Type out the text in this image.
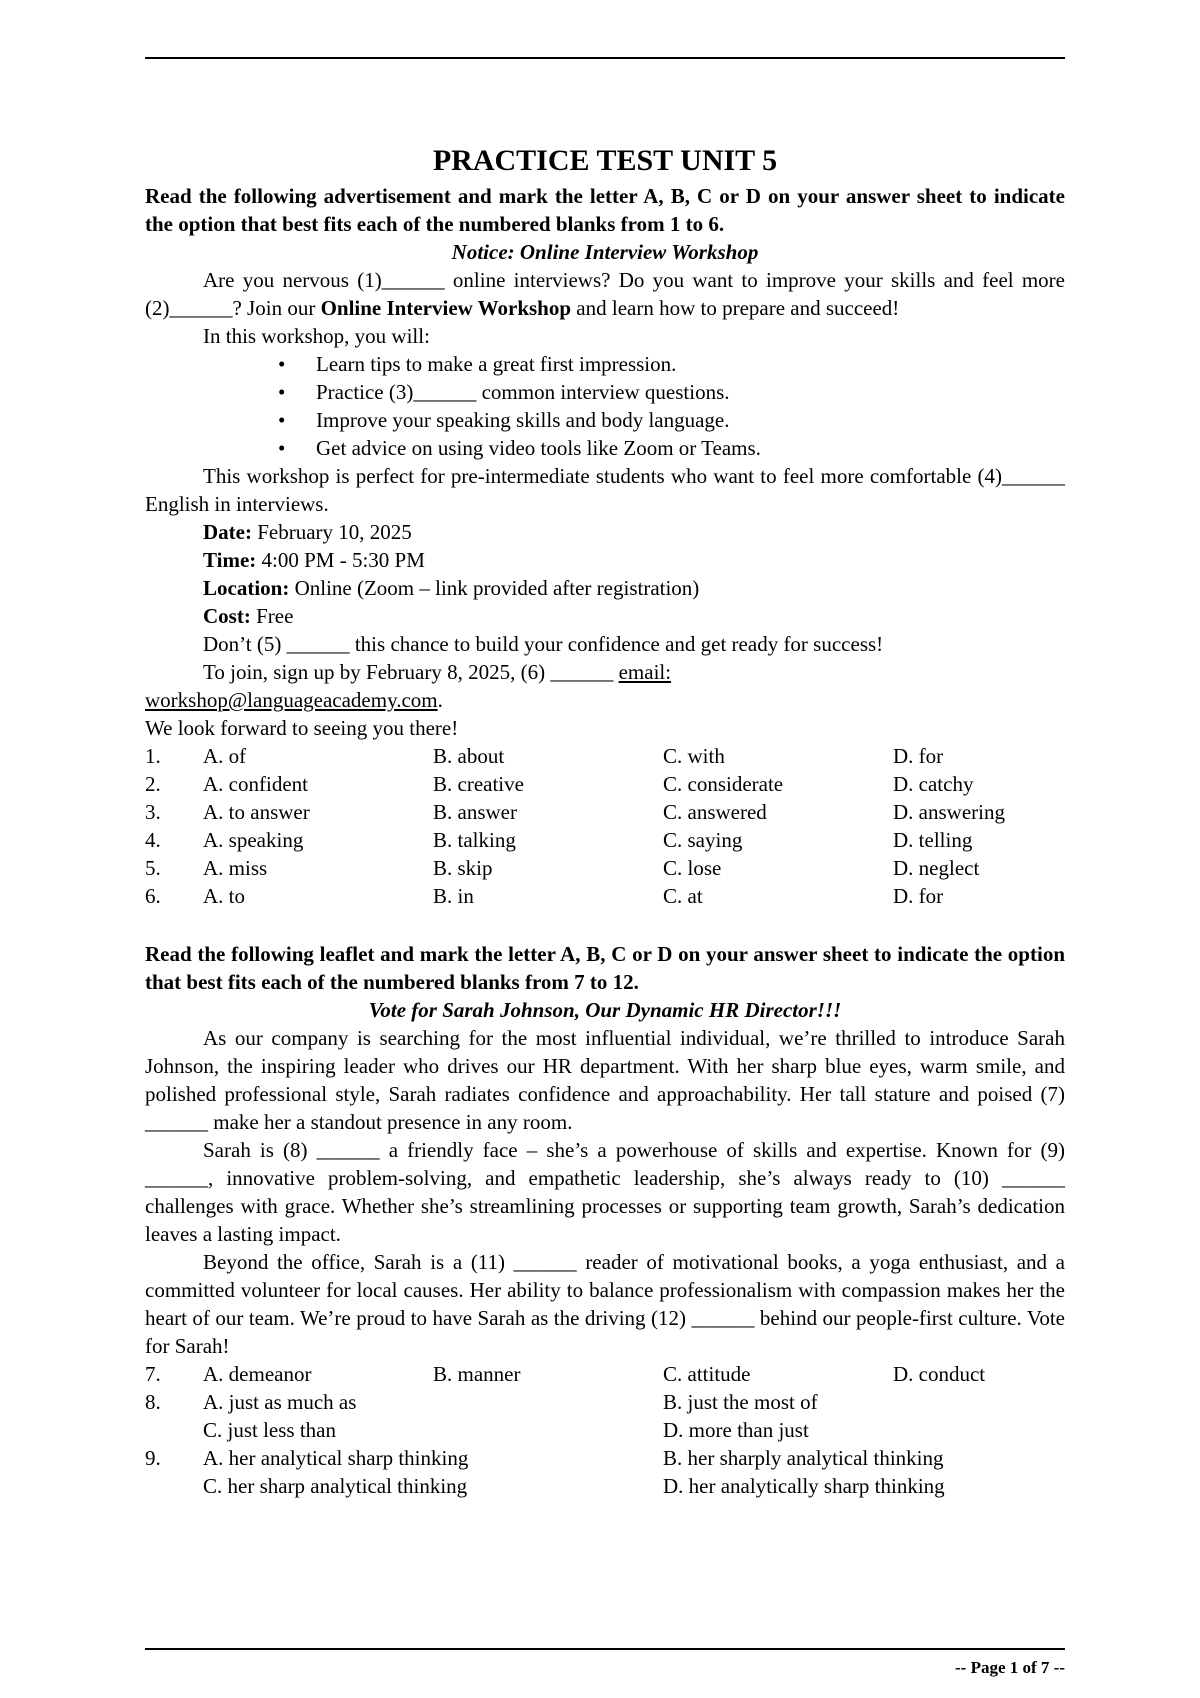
PRACTICE TEST UNIT 5

Read the following advertisement and mark the letter A, B, C or D on your answer sheet to indicate the option that best fits each of the numbered blanks from 1 to 6.

Notice: Online Interview Workshop

Are you nervous (1)______ online interviews? Do you want to improve your skills and feel more (2)______? Join our Online Interview Workshop and learn how to prepare and succeed!

In this workshop, you will:

• Learn tips to make a great first impression.
• Practice (3)______ common interview questions.
• Improve your speaking skills and body language.
• Get advice on using video tools like Zoom or Teams.

This workshop is perfect for pre-intermediate students who want to feel more comfortable (4)______ English in interviews.

Date: February 10, 2025

Time: 4:00 PM - 5:30 PM

Location: Online (Zoom – link provided after registration)

Cost: Free

Don’t (5) ______ this chance to build your confidence and get ready for success!

To join, sign up by February 8, 2025, (6) ______ email:

workshop@languageacademy.com.

We look forward to seeing you there!

1.	A. of	B. about	C. with	D. for
2.	A. confident	B. creative	C. considerate	D. catchy
3.	A. to answer	B. answer	C. answered	D. answering
4.	A. speaking	B. talking	C. saying	D. telling
5.	A. miss	B. skip	C. lose	D. neglect
6.	A. to	B. in	C. at	D. for

Read the following leaflet and mark the letter A, B, C or D on your answer sheet to indicate the option that best fits each of the numbered blanks from 7 to 12.

Vote for Sarah Johnson, Our Dynamic HR Director!!!

As our company is searching for the most influential individual, we’re thrilled to introduce Sarah Johnson, the inspiring leader who drives our HR department. With her sharp blue eyes, warm smile, and polished professional style, Sarah radiates confidence and approachability. Her tall stature and poised (7) ______ make her a standout presence in any room.

Sarah is (8) ______ a friendly face – she’s a powerhouse of skills and expertise. Known for (9) ______, innovative problem-solving, and empathetic leadership, she’s always ready to (10) ______ challenges with grace. Whether she’s streamlining processes or supporting team growth, Sarah’s dedication leaves a lasting impact.

Beyond the office, Sarah is a (11) ______ reader of motivational books, a yoga enthusiast, and a committed volunteer for local causes. Her ability to balance professionalism with compassion makes her the heart of our team. We’re proud to have Sarah as the driving (12) ______ behind our people-first culture. Vote for Sarah!

7.	A. demeanor	B. manner	C. attitude	D. conduct
8.	A. just as much as	B. just the most of
C. just less than	D. more than just
9.	A. her analytical sharp thinking	B. her sharply analytical thinking
C. her sharp analytical thinking	D. her analytically sharp thinking
-- Page 1 of 7 --
